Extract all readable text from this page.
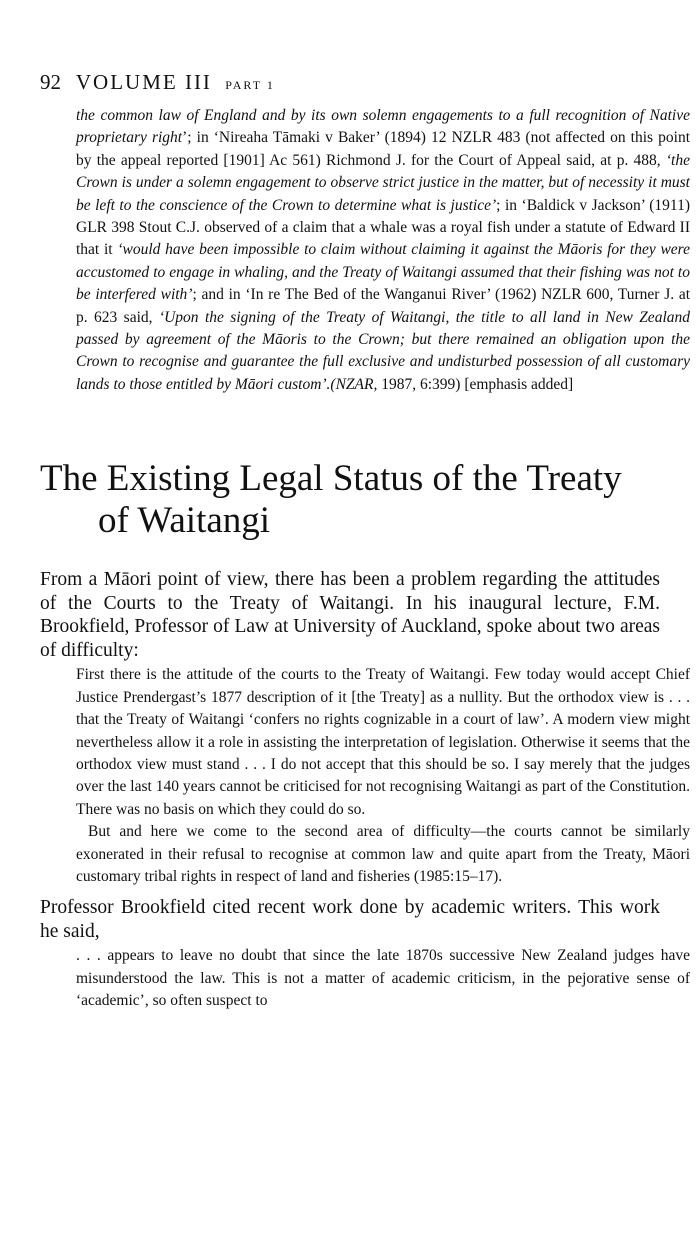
92 VOLUME III PART 1

the common law of England and by its own solemn engagements to a full recognition of Native proprietary right’; in ‘Nireaha Tāmaki v Baker’ (1894) 12 NZLR 483 (not affected on this point by the appeal reported [1901] Ac 561) Richmond J. for the Court of Appeal said, at p. 488, ‘the Crown is under a solemn engagement to observe strict justice in the matter, but of necessity it must be left to the conscience of the Crown to determine what is justice’; in ‘Baldick v Jackson’ (1911) GLR 398 Stout C.J. observed of a claim that a whale was a royal fish under a statute of Edward II that it ‘would have been impossible to claim without claiming it against the Māoris for they were accustomed to engage in whaling, and the Treaty of Waitangi assumed that their fishing was not to be interfered with’; and in ‘In re The Bed of the Wanganui River’ (1962) NZLR 600, Turner J. at p. 623 said, ‘Upon the signing of the Treaty of Waitangi, the title to all land in New Zealand passed by agreement of the Māoris to the Crown; but there remained an obligation upon the Crown to recognise and guarantee the full exclusive and undisturbed possession of all customary lands to those entitled by Māori custom’.(NZAR, 1987, 6:399) [emphasis added]

The Existing Legal Status of the Treaty
of Waitangi

From a Māori point of view, there has been a problem regarding the attitudes of the Courts to the Treaty of Waitangi. In his inaugural lecture, F.M. Brookfield, Professor of Law at University of Auckland, spoke about two areas of difficulty:

First there is the attitude of the courts to the Treaty of Waitangi. Few today would accept Chief Justice Prendergast’s 1877 description of it [the Treaty] as a nullity. But the orthodox view is . . . that the Treaty of Waitangi ‘confers no rights cognizable in a court of law’. A modern view might nevertheless allow it a role in assisting the interpretation of legislation. Otherwise it seems that the orthodox view must stand . . . I do not accept that this should be so. I say merely that the judges over the last 140 years cannot be criticised for not recognising Waitangi as part of the Constitution. There was no basis on which they could do so.

But and here we come to the second area of difficulty—the courts cannot be similarly exonerated in their refusal to recognise at common law and quite apart from the Treaty, Māori customary tribal rights in respect of land and fisheries (1985:15–17).

Professor Brookfield cited recent work done by academic writers. This work he said,

. . . appears to leave no doubt that since the late 1870s successive New Zealand judges have misunderstood the law. This is not a matter of academic criticism, in the pejorative sense of ‘academic’, so often suspect to
